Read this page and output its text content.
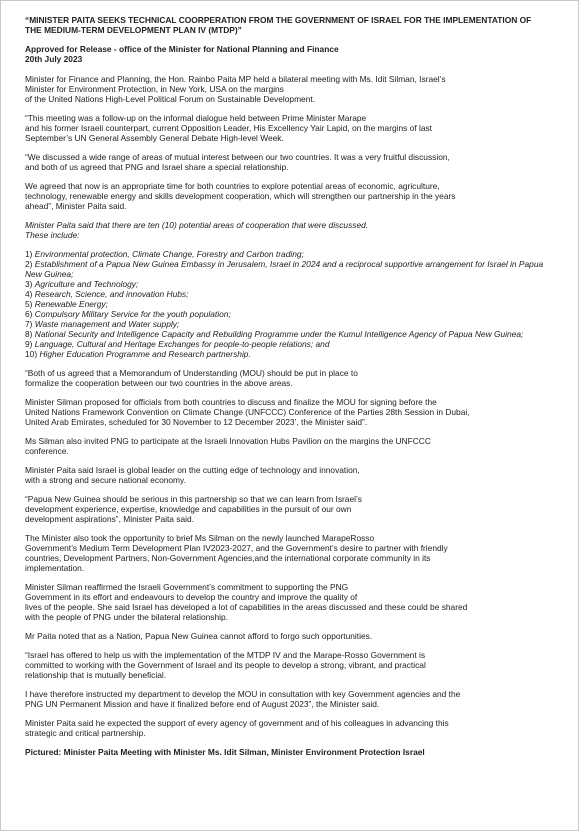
“MINISTER PAITA SEEKS TECHNICAL COORPERATION FROM THE GOVERNMENT OF ISRAEL FOR THE IMPLEMENTATION OF
THE MEDIUM-TERM DEVELOPMENT PLAN IV (MTDP)”
Approved for Release - office of the Minister for National Planning and Finance
20th July 2023

Minister for Finance and Planning, the Hon. Rainbo Paita MP held a bilateral meeting with Ms. Idit Silman, Israel’s
Minister for Environment Protection, in New York, USA on the margins
of the United Nations High-Level Political Forum on Sustainable Development.

“This meeting was a follow-up on the informal dialogue held between Prime Minister Marape
and his former Israeli counterpart, current Opposition Leader, His Excellency Yair Lapid, on the margins of last
September’s UN General Assembly General Debate High-level Week.

“We discussed a wide range of areas of mutual interest between our two countries. It was a very fruitful discussion,
and both of us agreed that PNG and Israel share a special relationship.

We agreed that now is an appropriate time for both countries to explore potential areas of economic, agriculture,
technology, renewable energy and skills development cooperation, which will strengthen our partnership in the years
ahead”, Minister Paita said.

Minister Paita said that there are ten (10) potential areas of cooperation that were discussed.
These include:

1) Environmental protection, Climate Change, Forestry and Carbon trading;
2) Establishment of a Papua New Guinea Embassy in Jerusalem, Israel in 2024 and a reciprocal supportive arrangement for Israel in Papua New Guinea;
3) Agriculture and Technology;
4) Research, Science, and innovation Hubs;
5) Renewable Energy;
6) Compulsory Military Service for the youth population;
7) Waste management and Water supply;
8) National Security and Intelligence Capacity and Rebuilding Programme under the Kumul Intelligence Agency of Papua New Guinea;
9) Language, Cultural and Heritage Exchanges for people-to-people relations; and
10) Higher Education Programme and Research partnership.

“Both of us agreed that a Memorandum of Understanding (MOU) should be put in place to
formalize the cooperation between our two countries in the above areas.

Minister Silman proposed for officials from both countries to discuss and finalize the MOU for signing before the
United Nations Framework Convention on Climate Change (UNFCCC) Conference of the Parties 28th Session in Dubai,
United Arab Emirates, scheduled for 30 November to 12 December 2023’, the Minister said”.

Ms Silman also invited PNG to participate at the Israeli Innovation Hubs Pavilion on the margins the UNFCCC
conference.

Minister Paita said Israel is global leader on the cutting edge of technology and innovation,
with a strong and secure national economy.

“Papua New Guinea should be serious in this partnership so that we can learn from Israel’s
development experience, expertise, knowledge and capabilities in the pursuit of our own
development aspirations”, Minister Paita said.

The Minister also took the opportunity to brief Ms Silman on the newly launched MarapeRosso
Government’s Medium Term Development Plan IV2023-2027, and the Government’s desire to partner with friendly
countries, Development Partners, Non-Government Agencies,and the international corporate community in its
implementation.

Minister Silman reaffirmed the Israeli Government’s commitment to supporting the PNG
Government in its effort and endeavours to develop the country and improve the quality of
lives of the people. She said Israel has developed a lot of capabilities in the areas discussed and these could be shared
with the people of PNG under the bilateral relationship.

Mr Paita noted that as a Nation, Papua New Guinea cannot afford to forgo such opportunities.

“Israel has offered to help us with the implementation of the MTDP IV and the Marape-Rosso Government is
committed to working with the Government of Israel and its people to develop a strong, vibrant, and practical
relationship that is mutually beneficial.

I have therefore instructed my department to develop the MOU in consultation with key Government agencies and the
PNG UN Permanent Mission and have it finalized before end of August 2023”, the Minister said.

Minister Paita said he expected the support of every agency of government and of his colleagues in advancing this
strategic and critical partnership.

Pictured: Minister Paita Meeting with Minister Ms. Idit Silman, Minister Environment Protection Israel
